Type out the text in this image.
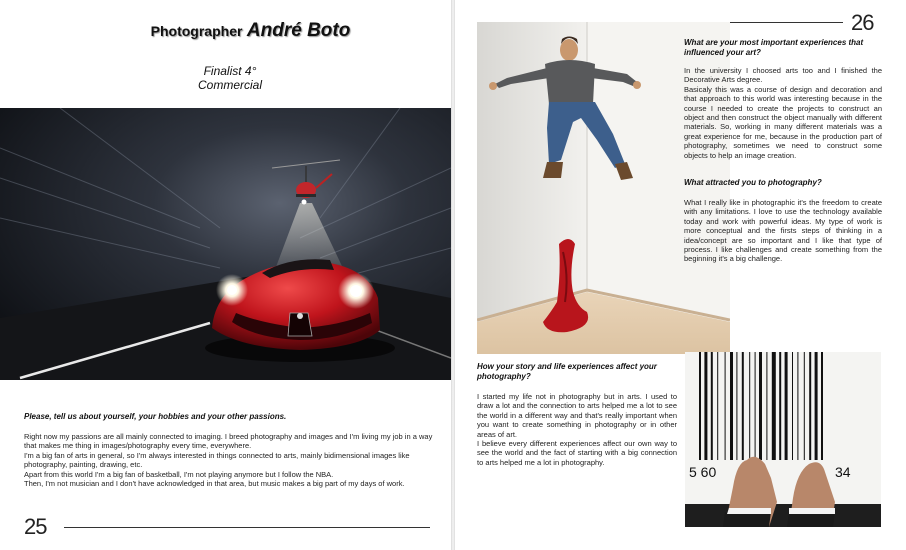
Photographer André Boto
Finalist 4°
Commercial
Please, tell us about yourself, your hobbies and your other passions.

Right now my passions are all mainly connected to imaging. I breed photography and images and I'm living my job in a way that makes me thing in images/photography every time, everywhere.

I'm a big fan of arts in general, so I'm always interested in things connected to arts, mainly bidimensional images like photography, painting, drawing, etc.

Apart from this world I'm a big fan of basketball, I'm not playing anymore but I follow the NBA.

Then, I'm not musician and I don't have acknowledged in that area, but music makes a big part of my days of work.

25
26
What are your most important experiences that influenced your art?

In the university I choosed arts too and I finished the Decorative Arts degree.

Basicaly this was a course of design and decoration and that approach to this world was interesting because in the course I needed to create the projects to construct an object and then construct the object manually with different materials. So, working in many different materials was a great experience for me, because in the production part of photography, sometimes we need to construct some objects to help an image creation.

What attracted you to photography?

What I really like in photographic it's the freedom to create with any limitations. I love to use the technology available today and work with powerful ideas. My type of work is more conceptual and the firsts steps of thinking in a idea/concept are so important and I like that type of process. I like challenges and create something from the beginning it's a big challenge.

How your story and life experiences affect your photography?

I started my life not in photography but in arts. I used to draw a lot and the connection to arts helped me a lot to see the world in a different way and that's really important when you want to create something in photography or in other areas of art.

I believe every different experiences affect our own way to see the world and the fact of starting with a big connection to arts helped me a lot in photography.

5 60	34
